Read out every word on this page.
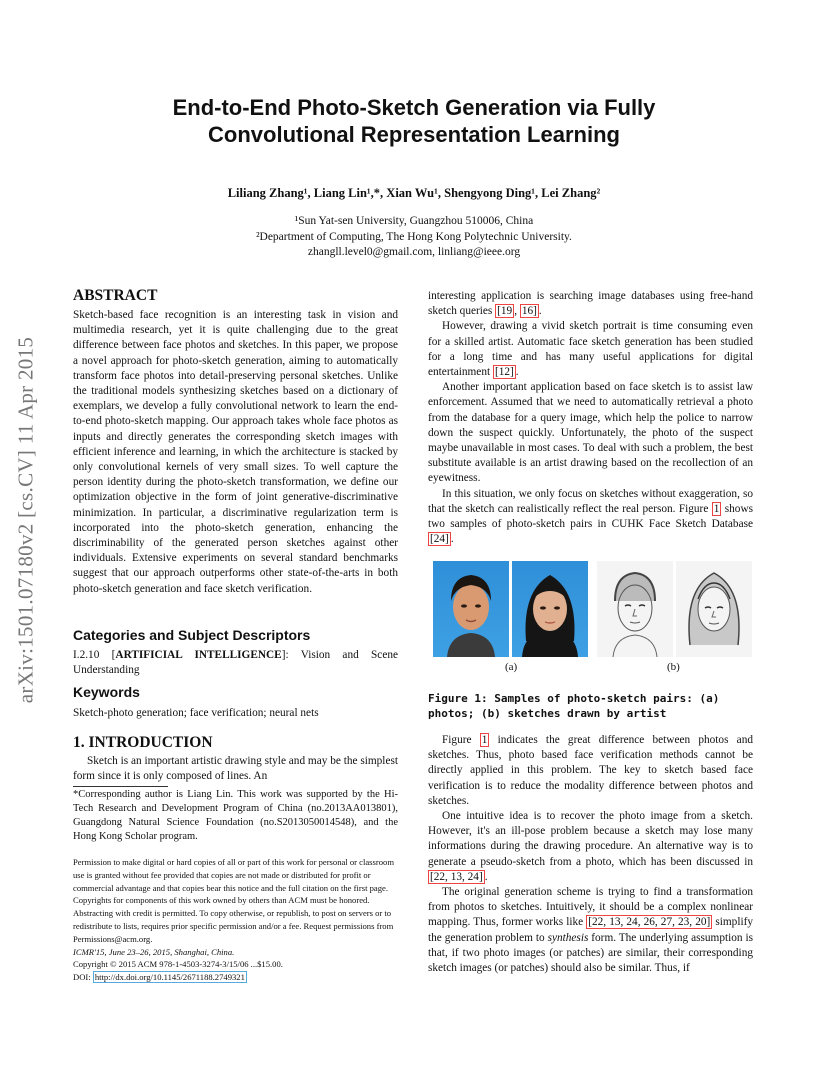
arXiv:1501.07180v2 [cs.CV] 11 Apr 2015
End-to-End Photo-Sketch Generation via Fully
Convolutional Representation Learning
Liliang Zhang¹, Liang Lin¹,*, Xian Wu¹, Shengyong Ding¹, Lei Zhang²
¹Sun Yat-sen University, Guangzhou 510006, China
²Department of Computing, The Hong Kong Polytechnic University.
zhangll.level0@gmail.com, linliang@ieee.org
ABSTRACT

Sketch-based face recognition is an interesting task in vision and multimedia research, yet it is quite challenging due to the great difference between face photos and sketches. In this paper, we propose a novel approach for photo-sketch generation, aiming to automatically transform face photos into detail-preserving personal sketches. Unlike the traditional models synthesizing sketches based on a dictionary of exemplars, we develop a fully convolutional network to learn the end-to-end photo-sketch mapping. Our approach takes whole face photos as inputs and directly generates the corresponding sketch images with efficient inference and learning, in which the architecture is stacked by only convolutional kernels of very small sizes. To well capture the person identity during the photo-sketch transformation, we define our optimization objective in the form of joint generative-discriminative minimization. In particular, a discriminative regularization term is incorporated into the photo-sketch generation, enhancing the discriminability of the generated person sketches against other individuals. Extensive experiments on several standard benchmarks suggest that our approach outperforms other state-of-the-arts in both photo-sketch generation and face sketch verification.

Categories and Subject Descriptors

I.2.10 [ARTIFICIAL INTELLIGENCE]: Vision and Scene Understanding

Keywords

Sketch-photo generation; face verification; neural nets

1. INTRODUCTION

Sketch is an important artistic drawing style and may be the simplest form since it is only composed of lines. An

*Corresponding author is Liang Lin. This work was supported by the Hi-Tech Research and Development Program of China (no.2013AA013801), Guangdong Natural Science Foundation (no.S2013050014548), and the Hong Kong Scholar program.
Permission to make digital or hard copies of all or part of this work for personal or classroom use is granted without fee provided that copies are not made or distributed for profit or commercial advantage and that copies bear this notice and the full citation on the first page. Copyrights for components of this work owned by others than ACM must be honored. Abstracting with credit is permitted. To copy otherwise, or republish, to post on servers or to redistribute to lists, requires prior specific permission and/or a fee. Request permissions from Permissions@acm.org.
ICMR'15, June 23–26, 2015, Shanghai, China.
Copyright © 2015 ACM 978-1-4503-3274-3/15/06 ...$15.00.
DOI: http://dx.doi.org/10.1145/2671188.2749321

interesting application is searching image databases using free-hand sketch queries [19 , 16] .

However, drawing a vivid sketch portrait is time consuming even for a skilled artist. Automatic face sketch generation has been studied for a long time and has many useful applications for digital entertainment [12] .

Another important application based on face sketch is to assist law enforcement. Assumed that we need to automatically retrieval a photo from the database for a query image, which help the police to narrow down the suspect quickly. Unfortunately, the photo of the suspect maybe unavailable in most cases. To deal with such a problem, the best substitute available is an artist drawing based on the recollection of an eyewitness.

In this situation, we only focus on sketches without exaggeration, so that the sketch can realistically reflect the real person. Figure 1 shows two samples of photo-sketch pairs in CUHK Face Sketch Database [24] .

(a)	(b)
Figure 1: Samples of photo-sketch pairs: (a) photos; (b) sketches drawn by artist

Figure 1 indicates the great difference between photos and sketches. Thus, photo based face verification methods cannot be directly applied in this problem. The key to sketch based face verification is to reduce the modality difference between photos and sketches.

One intuitive idea is to recover the photo image from a sketch. However, it's an ill-pose problem because a sketch may lose many informations during the drawing procedure. An alternative way is to generate a pseudo-sketch from a photo, which has been discussed in [22, 13, 24] .

The original generation scheme is trying to find a transformation from photos to sketches. Intuitively, it should be a complex nonlinear mapping. Thus, former works like [22, 13, 24, 26, 27, 23, 20] simplify the generation problem to synthesis form. The underlying assumption is that, if two photo images (or patches) are similar, their corresponding sketch images (or patches) should also be similar. Thus, if
